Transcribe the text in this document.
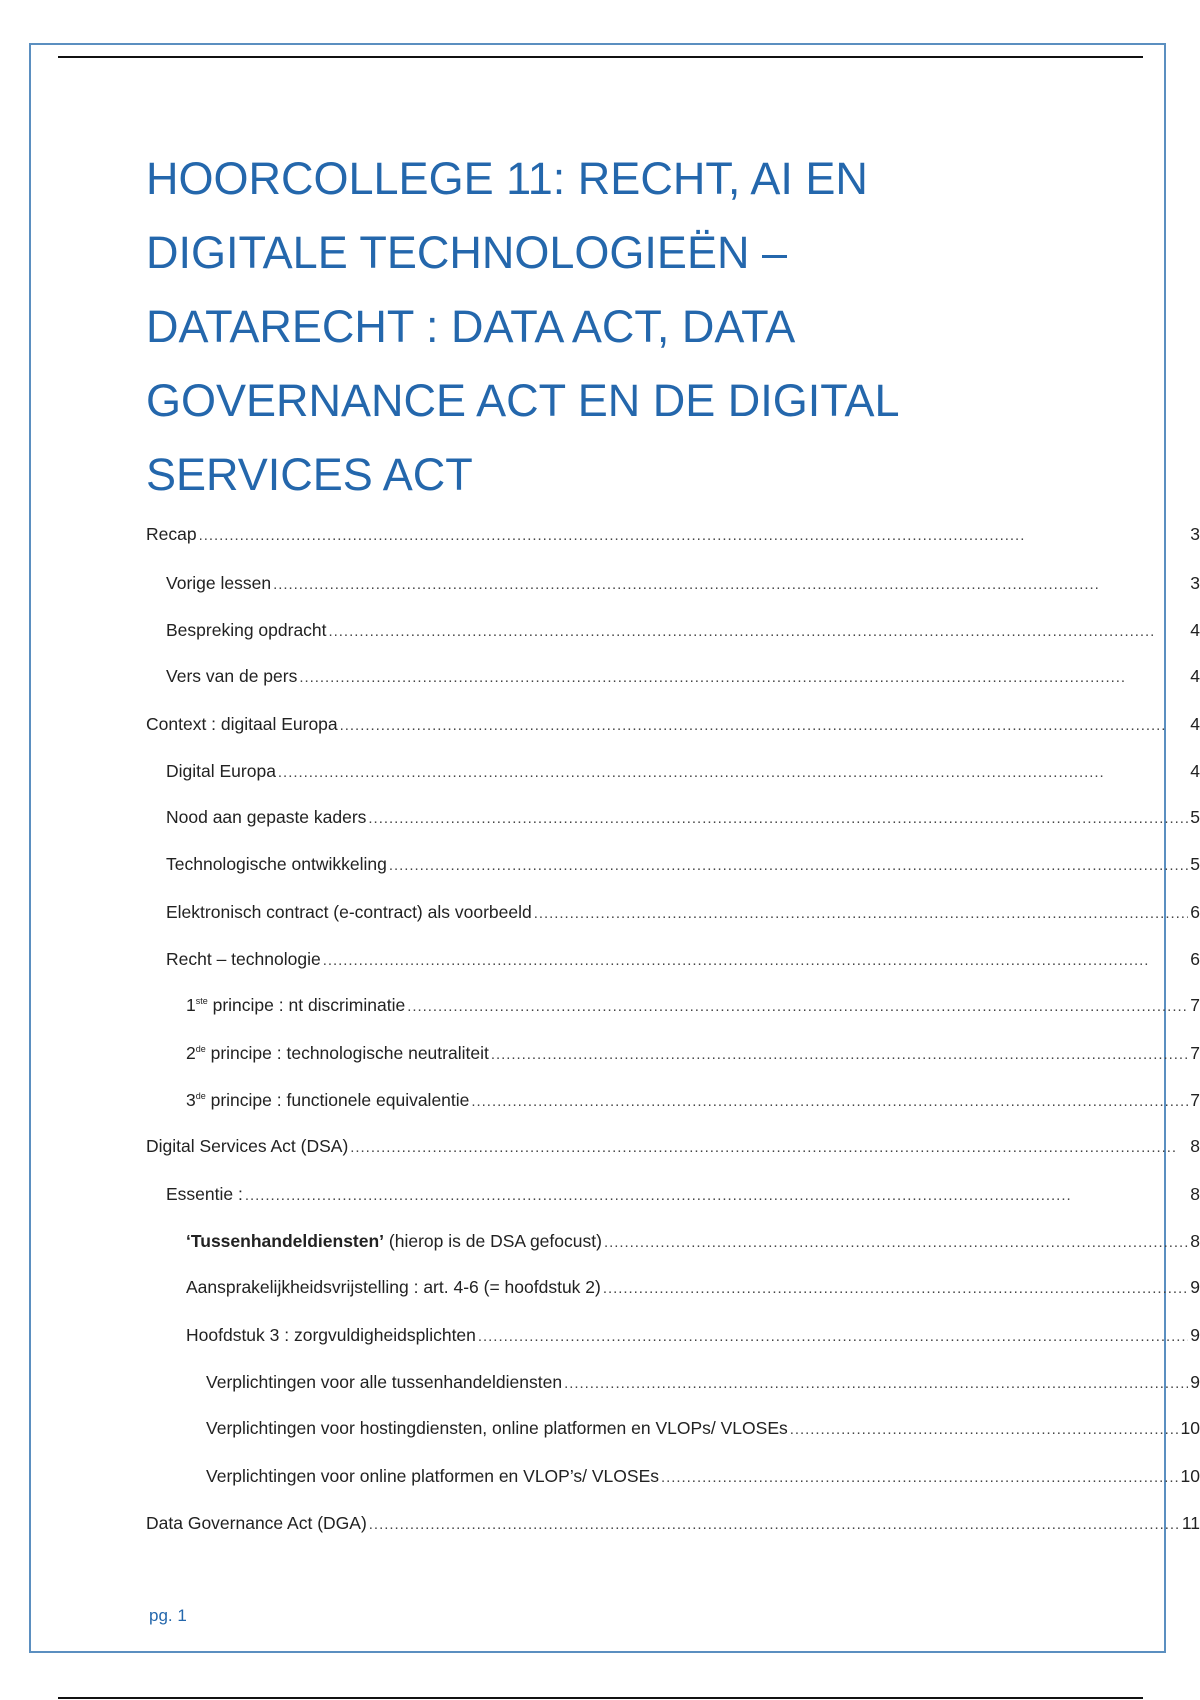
HOORCOLLEGE 11: RECHT, AI EN
DIGITALE TECHNOLOGIEËN –
DATARECHT : DATA ACT, DATA
GOVERNANCE ACT EN DE DIGITAL
SERVICES ACT
Recap . . .	3
Vorige lessen . . .	3
Bespreking opdracht . . .	4
Vers van de pers . . .	4
Context : digitaal Europa . . .	4
Digital Europa . . .	4
Nood aan gepaste kaders . . .	5
Technologische ontwikkeling . . .	5
Elektronisch contract (e-contract) als voorbeeld . . .	6
Recht – technologie . . .	6
1ste principe : nt discriminatie . . .	7
2de principe : technologische neutraliteit . . .	7
3de principe : functionele equivalentie . . .	7
Digital Services Act (DSA) . . .	8
Essentie : . . .	8
‘Tussenhandeldiensten’ (hierop is de DSA gefocust) . . .	8
Aansprakelijkheidsvrijstelling : art. 4-6 (= hoofdstuk 2) . . .	9
Hoofdstuk 3 : zorgvuldigheidsplichten . . .	9
Verplichtingen voor alle tussenhandeldiensten . . .	9
Verplichtingen voor hostingdiensten, online platformen en VLOPs/ VLOSEs . . .	10
Verplichtingen voor online platformen en VLOP’s/ VLOSEs . . .	10
Data Governance Act (DGA) . . .	11
pg. 1
